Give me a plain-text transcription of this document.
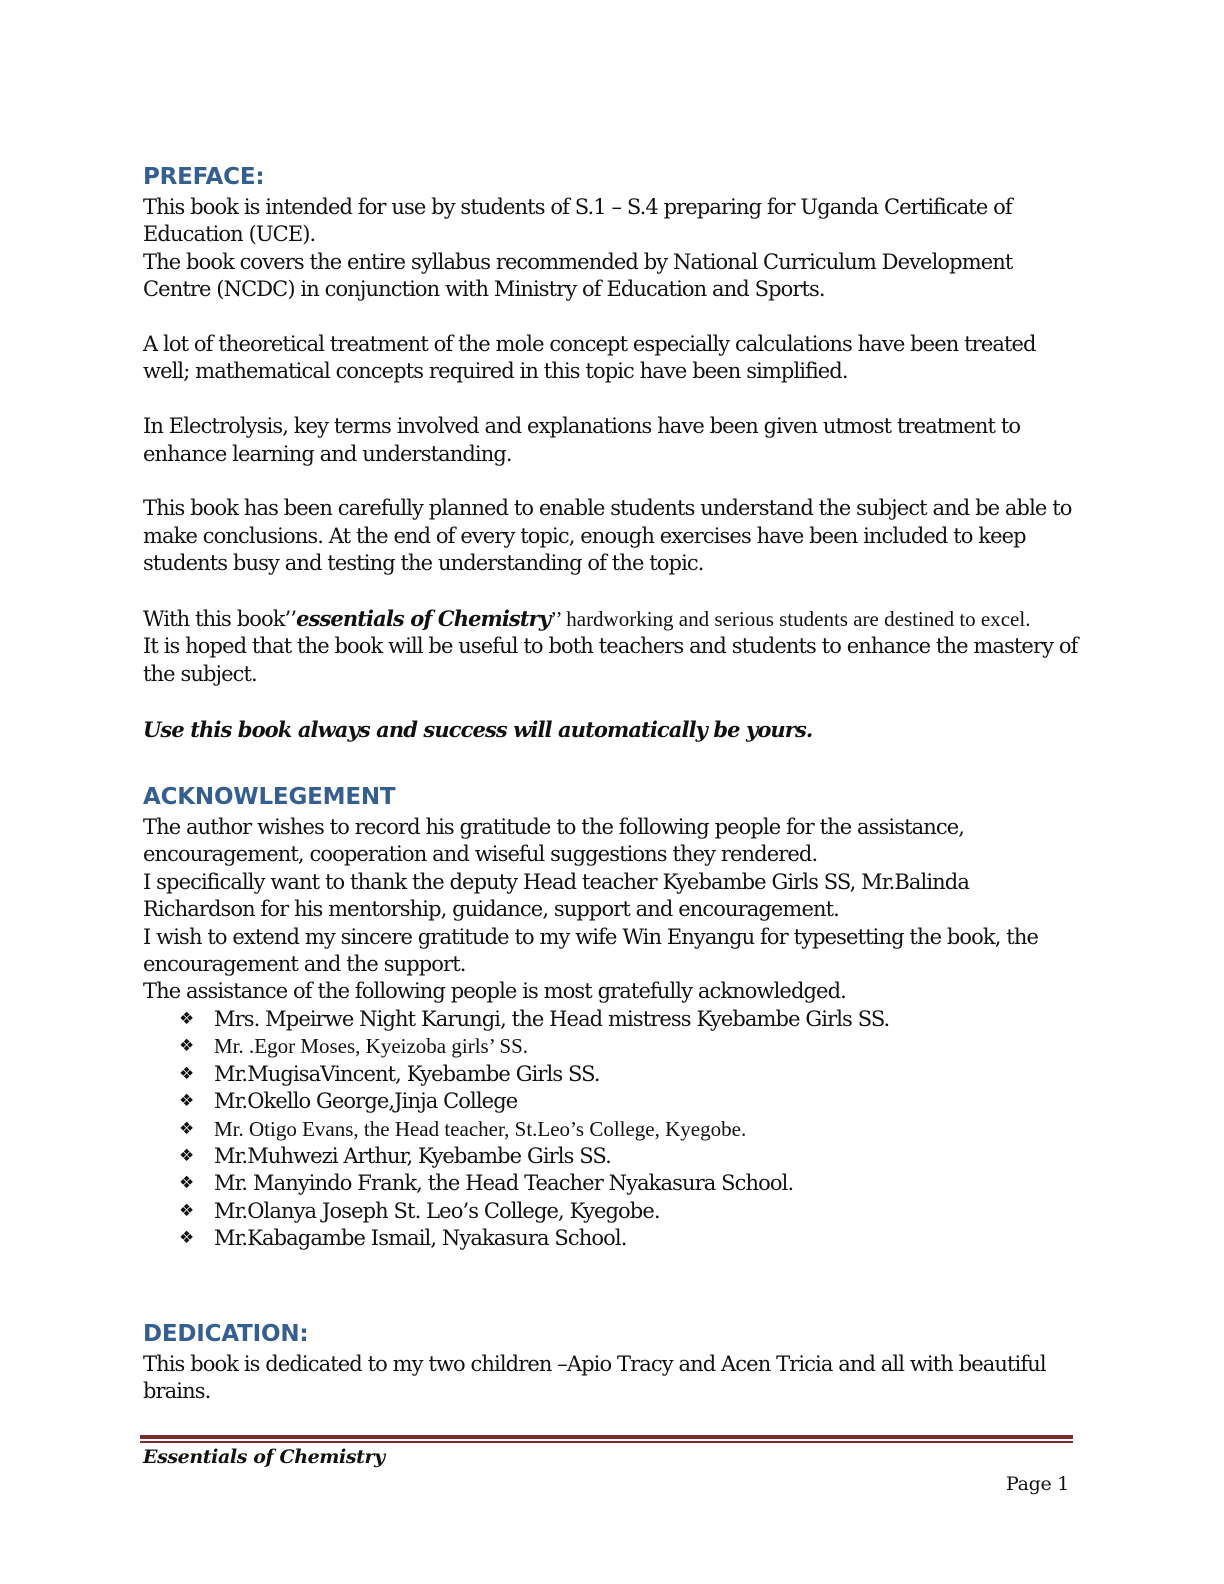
PREFACE:

This book is intended for use by students of S.1 – S.4 preparing for Uganda Certificate of Education (UCE).

The book covers the entire syllabus recommended by National Curriculum Development Centre (NCDC) in conjunction with Ministry of Education and Sports.

A lot of theoretical treatment of the mole concept especially calculations have been treated well; mathematical concepts required in this topic have been simplified.

In Electrolysis, key terms involved and explanations have been given utmost treatment to enhance learning and understanding.

This book has been carefully planned to enable students understand the subject and be able to make conclusions. At the end of every topic, enough exercises have been included to keep students busy and testing the understanding of the topic.

With this book’’essentials of Chemistry’’ hardworking and serious students are destined to excel.

It is hoped that the book will be useful to both teachers and students to enhance the mastery of the subject.

Use this book always and success will automatically be yours.

ACKNOWLEGEMENT

The author wishes to record his gratitude to the following people for the assistance, encouragement, cooperation and wiseful suggestions they rendered.

I specifically want to thank the deputy Head teacher Kyebambe Girls SS, Mr.Balinda Richardson for his mentorship, guidance, support and encouragement.

I wish to extend my sincere gratitude to my wife Win Enyangu for typesetting the book, the encouragement and the support.

The assistance of the following people is most gratefully acknowledged.

❖ Mrs. Mpeirwe Night Karungi, the Head mistress Kyebambe Girls SS.
❖ Mr. .Egor Moses, Kyeizoba girls’ SS.
❖ Mr.MugisaVincent, Kyebambe Girls SS.
❖ Mr.Okello George,Jinja College
❖ Mr. Otigo Evans, the Head teacher, St.Leo’s College, Kyegobe.
❖ Mr.Muhwezi Arthur, Kyebambe Girls SS.
❖ Mr. Manyindo Frank, the Head Teacher Nyakasura School.
❖ Mr.Olanya Joseph St. Leo’s College, Kyegobe.
❖ Mr.Kabagambe Ismail, Nyakasura School.
DEDICATION:

This book is dedicated to my two children –Apio Tracy and Acen Tricia and all with beautiful brains.

Essentials of Chemistry
Page 1
